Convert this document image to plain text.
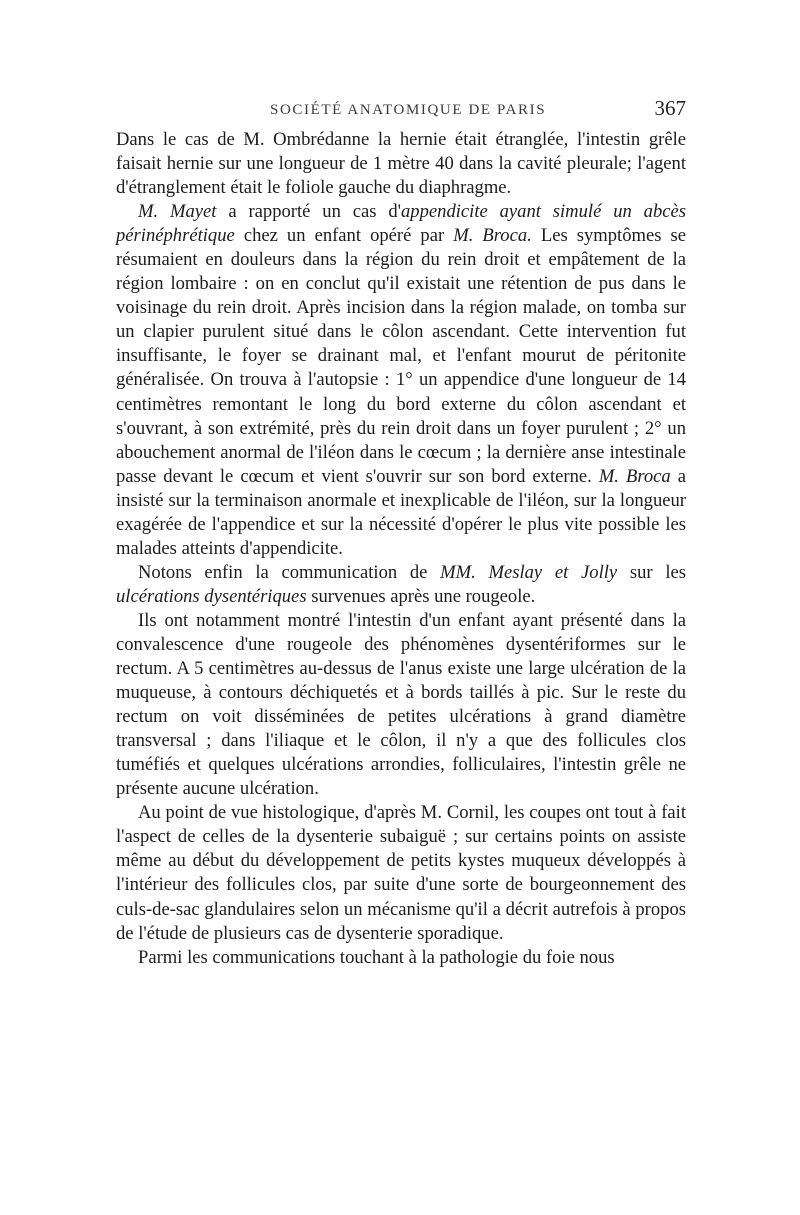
SOCIÉTÉ ANATOMIQUE DE PARIS	367

Dans le cas de M. Ombrédanne la hernie était étranglée, l'intestin grêle faisait hernie sur une longueur de 1 mètre 40 dans la cavité pleurale; l'agent d'étranglement était le foliole gauche du diaphragme.

M. Mayet a rapporté un cas d'appendicite ayant simulé un abcès périnéphrétique chez un enfant opéré par M. Broca. Les symptômes se résumaient en douleurs dans la région du rein droit et empâtement de la région lombaire : on en conclut qu'il existait une rétention de pus dans le voisinage du rein droit. Après incision dans la région malade, on tomba sur un clapier purulent situé dans le côlon ascendant. Cette intervention fut insuffisante, le foyer se drainant mal, et l'enfant mourut de péritonite généralisée. On trouva à l'autopsie : 1° un appendice d'une longueur de 14 centimètres remontant le long du bord externe du côlon ascendant et s'ouvrant, à son extrémité, près du rein droit dans un foyer purulent ; 2° un abouchement anormal de l'iléon dans le cœcum ; la dernière anse intestinale passe devant le cœcum et vient s'ouvrir sur son bord externe. M. Broca a insisté sur la terminaison anormale et inexplicable de l'iléon, sur la longueur exagérée de l'appendice et sur la nécessité d'opérer le plus vite possible les malades atteints d'appendicite.

Notons enfin la communication de MM. Meslay et Jolly sur les ulcérations dysentériques survenues après une rougeole.

Ils ont notamment montré l'intestin d'un enfant ayant présenté dans la convalescence d'une rougeole des phénomènes dysentériformes sur le rectum. A 5 centimètres au-dessus de l'anus existe une large ulcération de la muqueuse, à contours déchiquetés et à bords taillés à pic. Sur le reste du rectum on voit disséminées de petites ulcérations à grand diamètre transversal ; dans l'iliaque et le côlon, il n'y a que des follicules clos tuméfiés et quelques ulcérations arrondies, folliculaires, l'intestin grêle ne présente aucune ulcération.

Au point de vue histologique, d'après M. Cornil, les coupes ont tout à fait l'aspect de celles de la dysenterie subaiguë ; sur certains points on assiste même au début du développement de petits kystes muqueux développés à l'intérieur des follicules clos, par suite d'une sorte de bourgeonnement des culs-de-sac glandulaires selon un mécanisme qu'il a décrit autrefois à propos de l'étude de plusieurs cas de dysenterie sporadique.

Parmi les communications touchant à la pathologie du foie nous
